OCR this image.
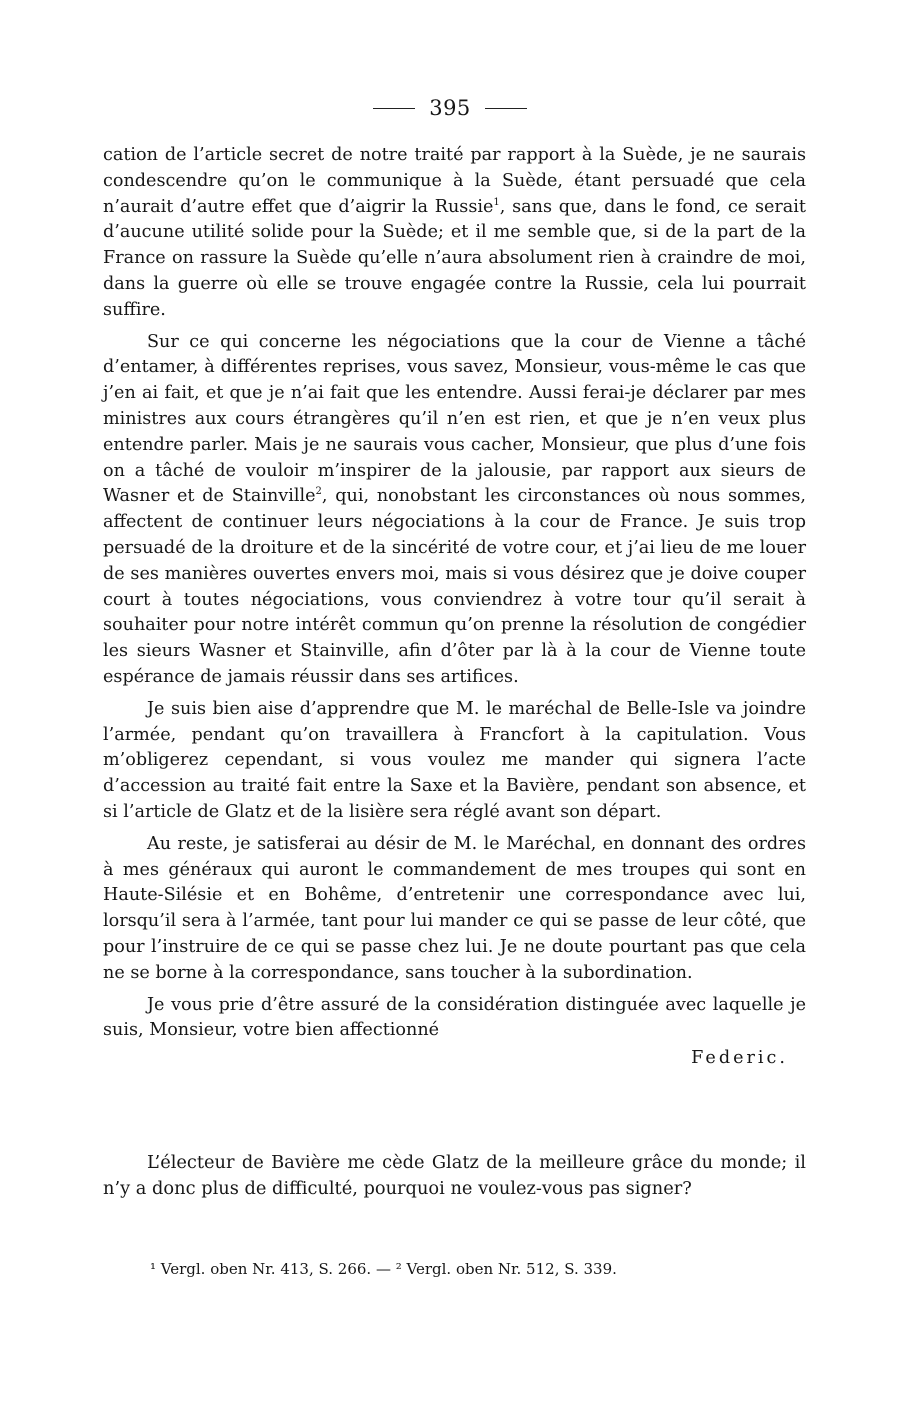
395

cation de l’article secret de notre traité par rapport à la Suède, je ne saurais condescendre qu’on le communique à la Suède, étant persuadé que cela n’aurait d’autre effet que d’aigrir la Russie$^1$, sans que, dans le fond, ce serait d’aucune utilité solide pour la Suède; et il me semble que, si de la part de la France on rassure la Suède qu’elle n’aura absolument rien à craindre de moi, dans la guerre où elle se trouve engagée contre la Russie, cela lui pourrait suffire.

Sur ce qui concerne les négociations que la cour de Vienne a tâché d’entamer, à différentes reprises, vous savez, Monsieur, vous-même le cas que j’en ai fait, et que je n’ai fait que les entendre. Aussi ferai-je déclarer par mes ministres aux cours étrangères qu’il n’en est rien, et que je n’en veux plus entendre parler. Mais je ne saurais vous cacher, Monsieur, que plus d’une fois on a tâché de vouloir m’inspirer de la jalousie, par rapport aux sieurs de Wasner et de Stainville$^2$, qui, nonobstant les circonstances où nous sommes, affectent de continuer leurs négociations à la cour de France. Je suis trop persuadé de la droiture et de la sincérité de votre cour, et j’ai lieu de me louer de ses manières ouvertes envers moi, mais si vous désirez que je doive couper court à toutes négociations, vous conviendrez à votre tour qu’il serait à souhaiter pour notre intérêt commun qu’on prenne la résolution de congédier les sieurs Wasner et Stainville, afin d’ôter par là à la cour de Vienne toute espérance de jamais réussir dans ses artifices.

Je suis bien aise d’apprendre que M. le maréchal de Belle-Isle va joindre l’armée, pendant qu’on travaillera à Francfort à la capitulation. Vous m’obligerez cependant, si vous voulez me mander qui signera l’acte d’accession au traité fait entre la Saxe et la Bavière, pendant son absence, et si l’article de Glatz et de la lisière sera réglé avant son départ.

Au reste, je satisferai au désir de M. le Maréchal, en donnant des ordres à mes généraux qui auront le commandement de mes troupes qui sont en Haute-Silésie et en Bohême, d’entretenir une correspondance avec lui, lorsqu’il sera à l’armée, tant pour lui mander ce qui se passe de leur côté, que pour l’instruire de ce qui se passe chez lui. Je ne doute pourtant pas que cela ne se borne à la correspondance, sans toucher à la subordination.

Je vous prie d’être assuré de la considération distinguée avec laquelle je suis, Monsieur, votre bien affectionné
Federic.

L’électeur de Bavière me cède Glatz de la meilleure grâce du monde; il n’y a donc plus de difficulté, pourquoi ne voulez-vous pas signer?

¹ Vergl. oben Nr. 413, S. 266. — ² Vergl. oben Nr. 512, S. 339.
